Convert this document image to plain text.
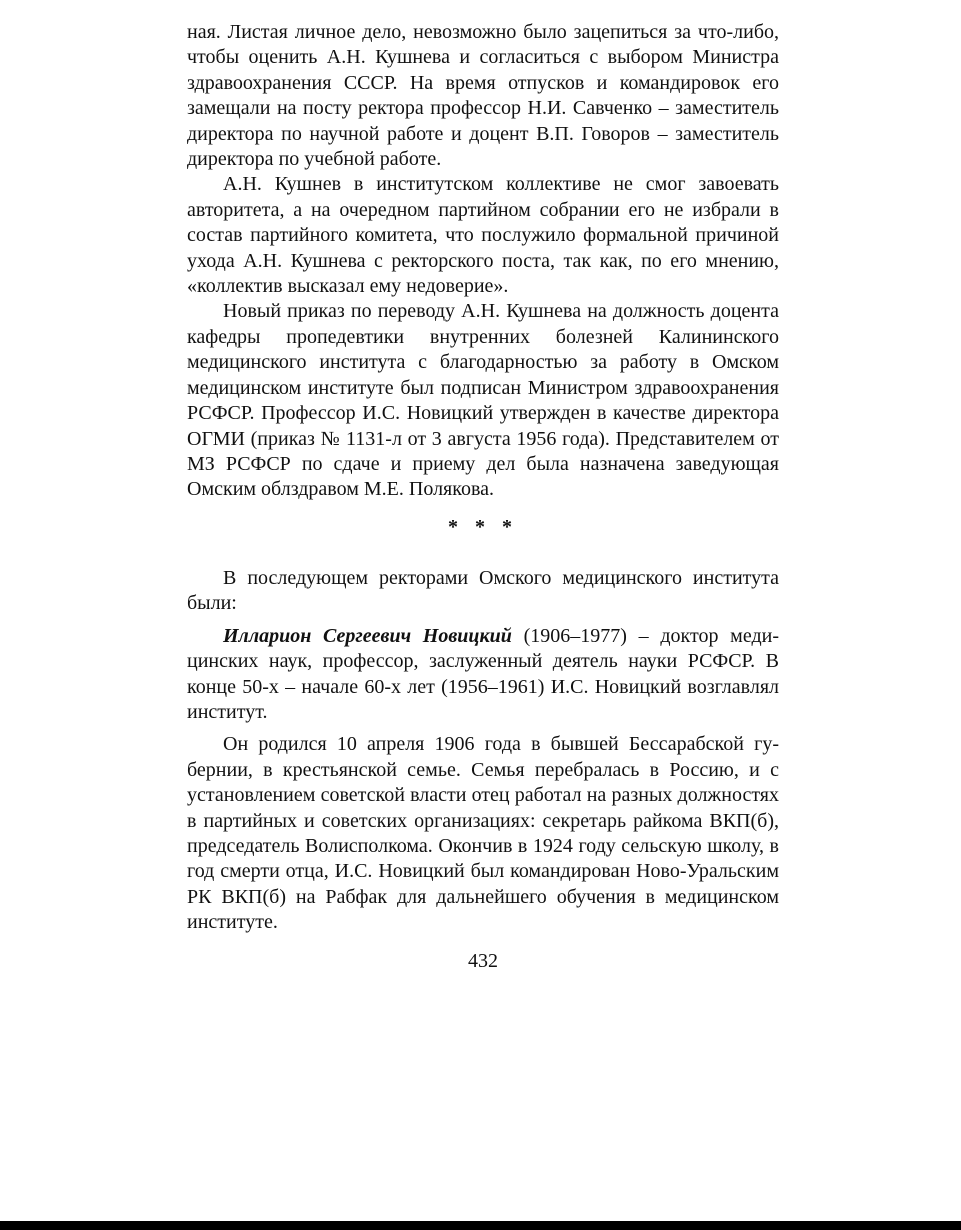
ная. Листая личное дело, невозможно было зацепиться за что-либо, чтобы оценить А.Н. Кушнева и согласиться с выбором Министра здравоохранения СССР. На время отпусков и командировок его замещали на посту ректора профессор Н.И. Савченко – заместитель директора по научной работе и доцент В.П. Говоров – заместитель директора по учебной работе.

А.Н. Кушнев в институтском коллективе не смог завоевать авторитета, а на очередном партийном собрании его не избрали в состав партийного комитета, что послужило формальной причиной ухода А.Н. Кушнева с ректорского поста, так как, по его мнению, «коллектив высказал ему недоверие».

Новый приказ по переводу А.Н. Кушнева на должность доцента кафедры пропедевтики внутренних болезней Калининского медицинского института с благодарностью за работу в Омском медицинском институте был подписан Министром здравоохранения РСФСР. Профессор И.С. Новицкий утвержден в качестве директора ОГМИ (приказ № 1131-л от 3 августа 1956 года). Представителем от МЗ РСФСР по сдаче и приему дел была назначена заведующая Омским облздравом М.Е. Полякова.

* * *

В последующем ректорами Омского медицинского института были:

Илларион Сергеевич Новицкий (1906–1977) – доктор медицинских наук, профессор, заслуженный деятель науки РСФСР. В конце 50-х – начале 60-х лет (1956–1961) И.С. Новицкий возглавлял институт.

Он родился 10 апреля 1906 года в бывшей Бессарабской губернии, в крестьянской семье. Семья перебралась в Россию, и с установлением советской власти отец работал на разных должностях в партийных и советских организациях: секретарь райкома ВКП(б), председатель Волисполкома. Окончив в 1924 году сельскую школу, в год смерти отца, И.С. Новицкий был командирован Ново-Уральским РК ВКП(б) на Рабфак для дальнейшего обучения в медицинском институте.

432
